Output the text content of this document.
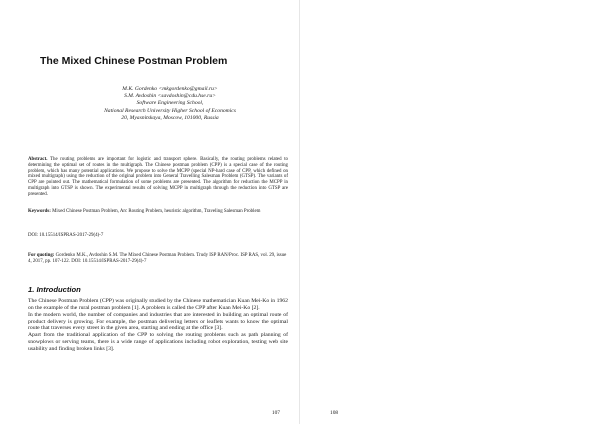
The Mixed Chinese Postman Problem
M.K. Gordenko <mkgordenko@gmail.ru>
S.M. Avdoshin <savdoshin@cdu.hse.ru>
Software Engineering School,
National Research University Higher School of Economics
20, Myasnitskaya, Moscow, 101000, Russia

Abstract. The routing problems are important for logistic and transport sphere. Basically, the routing problems related to determining the optimal set of routes in the multigraph. The Chinese postman problem (CPP) is a special case of the routing problem, which has many potential applications. We propose to solve the MCPP (special NP-hard case of CPP, which defined on mixed multigraph) using the reduction of the original problem into General Travelling Salesman Problem (GTSP). The variants of CPP are pointed out. The mathematical formulation of some problems are presented. The algorithm for reduction the MCPP in multigraph into GTSP is shown. The experimental results of solving MCPP in multigraph through the reduction into GTSP are presented.

Keywords: Mixed Chinese Postman Problem, Arc Routing Problem, heuristic algorithm, Traveling Salesman Problem

DOI: 10.15514/ISPRAS-2017-29(4)-7

For quoting: Gordenko M.K., Avdoshin S.M. The Mixed Chinese Postman Problem. Trudy ISP RAN/Proc. ISP RAS, vol. 29, issue 4, 2017, pp. 107-122. DOI: 10.15514/ISPRAS-2017-29(4)-7

1. Introduction

The Chinese Postman Problem (CPP) was originally studied by the Chinese mathematician Kuan Mei-Ko in 1962 on the example of the rural postman problem [1]. A problem is called the CPP after Kuan Mei-Ko [2].

In the modern world, the number of companies and industries that are interested in building an optimal route of product delivery is growing. For example, the postman delivering letters or leaflets wants to know the optimal route that traverses every street in the given area, starting and ending at the office [3].

Apart from the traditional application of the CPP to solving the routing problems such as path planning of snowplows or serving teams, there is a wide range of applications including robot exploration, testing web site usability and finding broken links [3].

107	108
